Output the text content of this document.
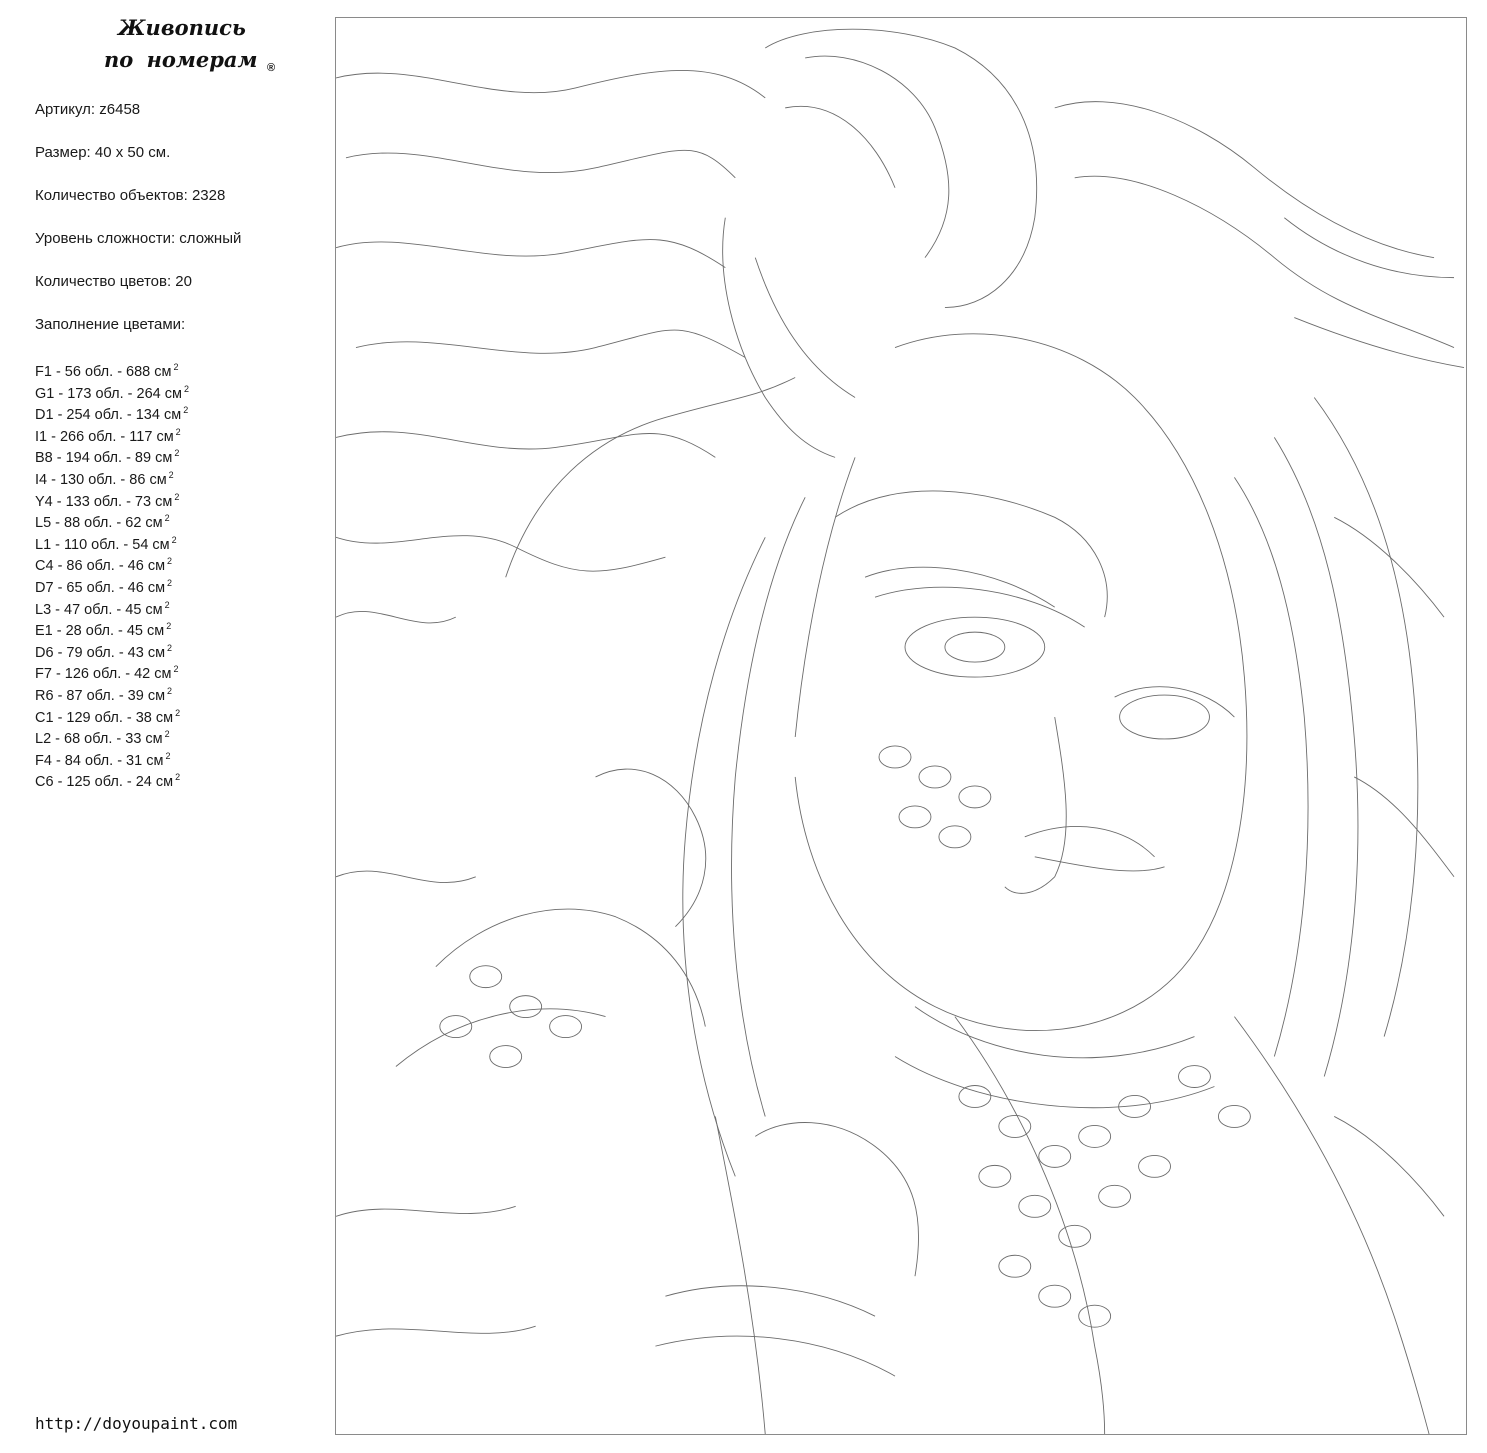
Живопись
по номерам ®
Артикул: z6458
Размер: 40 х 50 см.
Количество объектов: 2328
Уровень сложности: сложный
Количество цветов: 20
Заполнение цветами:
F1 - 56 обл. - 688 см $^2$
G1 - 173 обл. - 264 см $^2$
D1 - 254 обл. - 134 см $^2$
I1 - 266 обл. - 117 см $^2$
B8 - 194 обл. - 89 см $^2$
I4 - 130 обл. - 86 см $^2$
Y4 - 133 обл. - 73 см $^2$
L5 - 88 обл. - 62 см $^2$
L1 - 110 обл. - 54 см $^2$
C4 - 86 обл. - 46 см $^2$
D7 - 65 обл. - 46 см $^2$
L3 - 47 обл. - 45 см $^2$
E1 - 28 обл. - 45 см $^2$
D6 - 79 обл. - 43 см $^2$
F7 - 126 обл. - 42 см $^2$
R6 - 87 обл. - 39 см $^2$
C1 - 129 обл. - 38 см $^2$
L2 - 68 обл. - 33 см $^2$
F4 - 84 обл. - 31 см $^2$
C6 - 125 обл. - 24 см $^2$
http://doyoupaint.com
